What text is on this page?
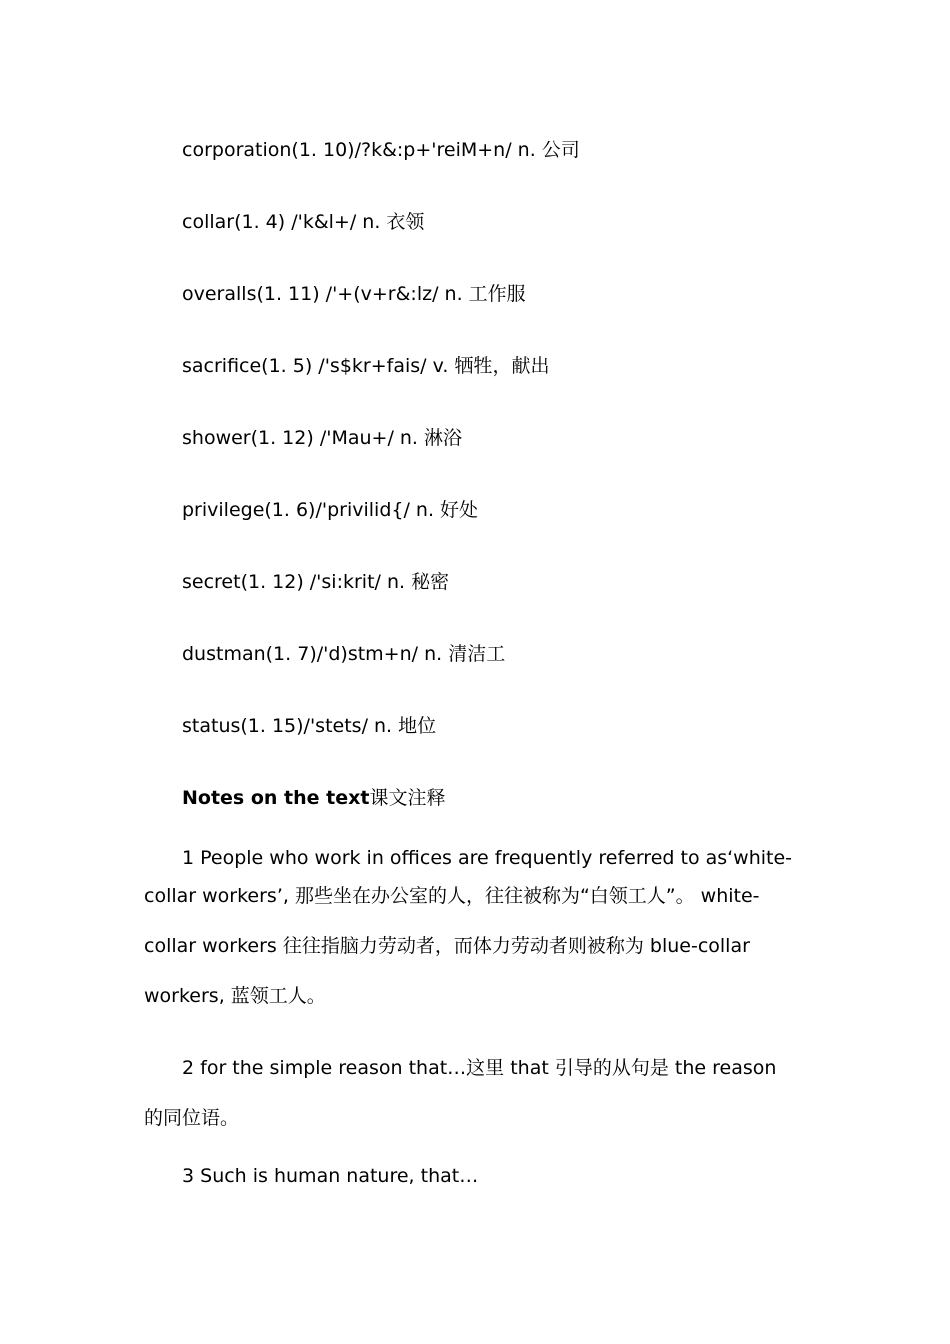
corporation(1. 10)/?k&:p+'reiM+n/ n. 公司
collar(1. 4) /'k&l+/ n. 衣领
overalls(1. 11) /'+(v+r&:lz/ n. 工作服
sacrifice(1. 5) /'s$kr+fais/ v. 牺牲，献出
shower(1. 12) /'Mau+/ n. 淋浴
privilege(1. 6)/'privilid{/ n. 好处
secret(1. 12) /'si:krit/ n. 秘密
dustman(1. 7)/'d)stm+n/ n. 清洁工
status(1. 15)/'stets/ n. 地位
Notes on the text课文注释
1 People who work in offices are frequently referred to as‘white-
collar workers’, 那些坐在办公室的人，往往被称为“白领工人”。 white-
collar workers 往往指脑力劳动者，而体力劳动者则被称为 blue-collar
workers, 蓝领工人。
2 for the simple reason that…这里 that 引导的从句是 the reason
的同位语。
3 Such is human nature, that…
